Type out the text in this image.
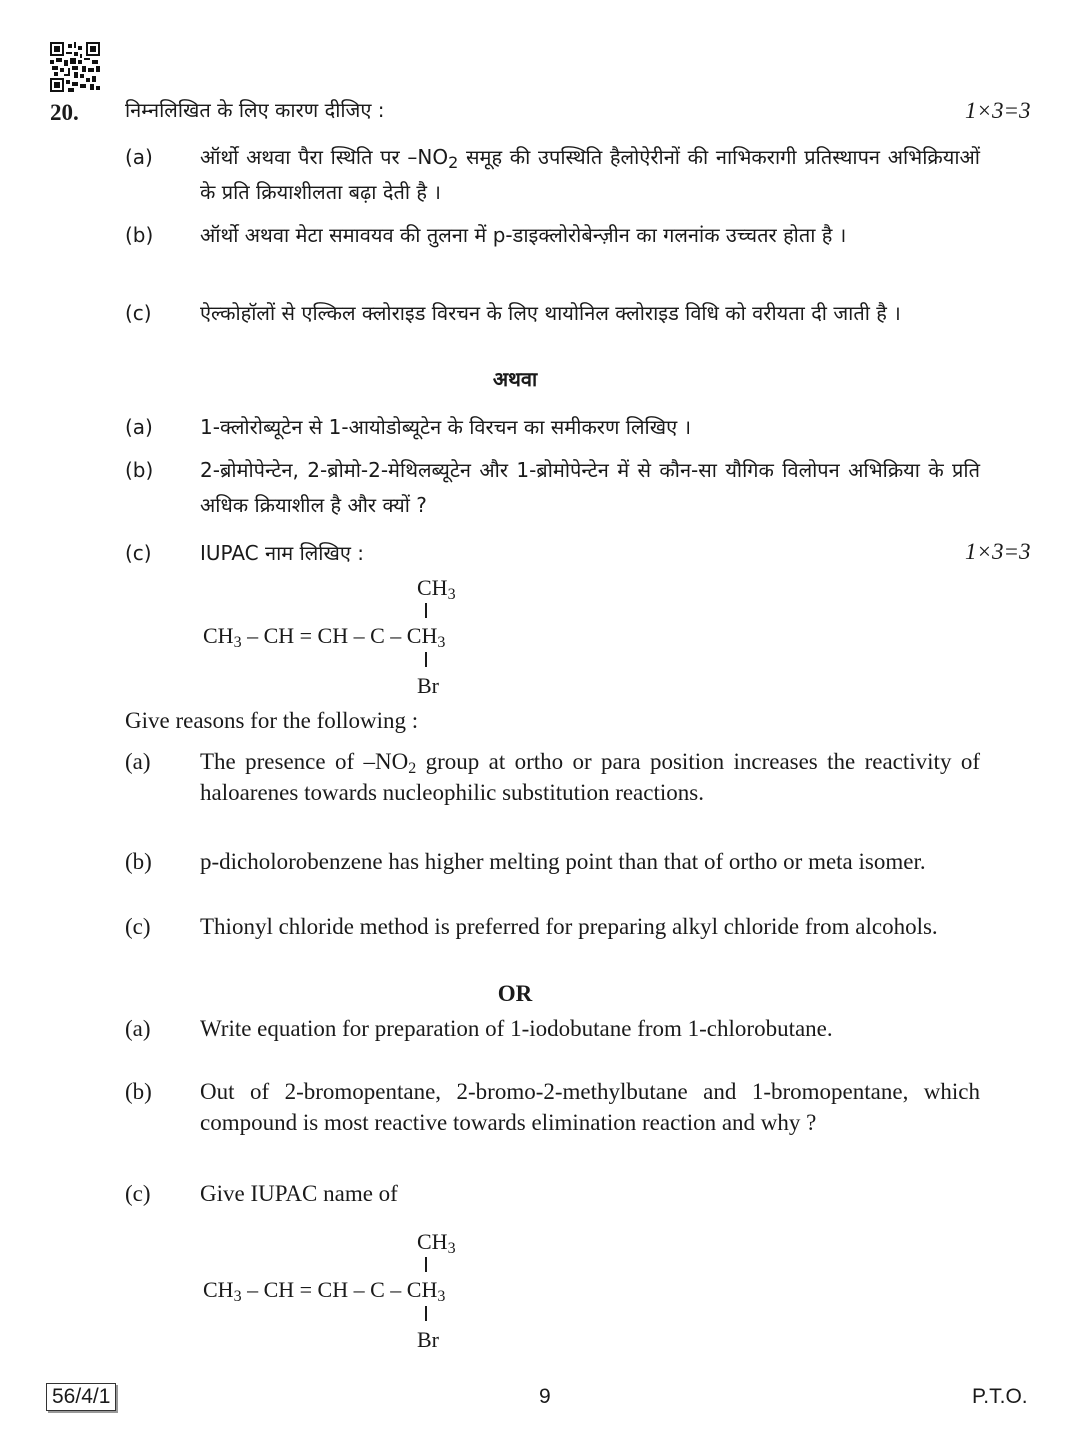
20. निम्नलिखित के लिए कारण दीजिए :	1×3=3
(a) ऑर्थो अथवा पैरा स्थिति पर $-NO_2$ समूह की उपस्थिति हैलोऐरीनों की नाभिकरागी प्रतिस्थापन अभिक्रियाओं के प्रति क्रियाशीलता बढ़ा देती है ।
(b) ऑर्थो अथवा मेटा समावयव की तुलना में p-डाइक्लोरोबेन्ज़ीन का गलनांक उच्चतर होता है ।
(c) ऐल्कोहॉलों से एल्किल क्लोराइड विरचन के लिए थायोनिल क्लोराइड विधि को वरीयता दी जाती है ।
अथवा
(a) 1-क्लोरोब्यूटेन से 1-आयोडोब्यूटेन के विरचन का समीकरण लिखिए ।
(b) 2-ब्रोमोपेन्टेन, 2-ब्रोमो-2-मेथिलब्यूटेन और 1-ब्रोमोपेन्टेन में से कौन-सा यौगिक विलोपन अभिक्रिया के प्रति अधिक क्रियाशील है और क्यों ?
(c) IUPAC नाम लिखिए :	1×3=3
$CH_3$
$CH_3$ – CH = CH – C – $CH_3$
Br
Give reasons for the following :
(a) The presence of $-NO_2$ group at ortho or para position increases the reactivity of haloarenes towards nucleophilic substitution reactions.
(b) p-dicholorobenzene has higher melting point than that of ortho or meta isomer.
(c) Thionyl chloride method is preferred for preparing alkyl chloride from alcohols.
OR
(a) Write equation for preparation of 1-iodobutane from 1-chlorobutane.
(b) Out of 2-bromopentane, 2-bromo-2-methylbutane and 1-bromopentane, which compound is most reactive towards elimination reaction and why ?
(c) Give IUPAC name of
$CH_3$
$CH_3$ – CH = CH – C – $CH_3$
Br
56/4/1	9	P.T.O.
